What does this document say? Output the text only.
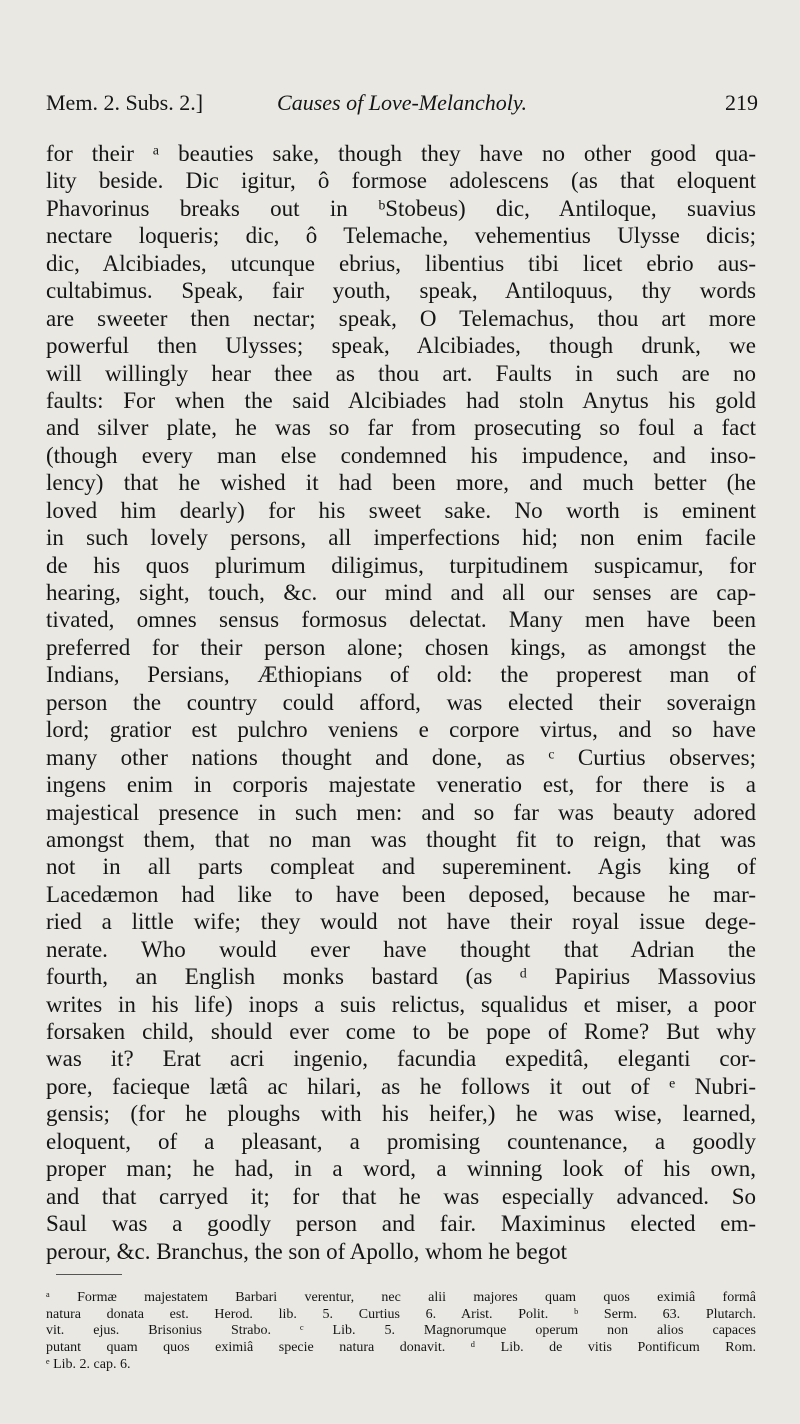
Mem. 2. Subs. 2.]	Causes of Love-Melancholy.	219
for their ᵃ beauties sake, though they have no other good qua-
lity beside. Dic igitur, ô formose adolescens (as that eloquent
Phavorinus breaks out in ᵇStobeus) dic, Antiloque, suavius
nectare loqueris; dic, ô Telemache, vehementius Ulysse dicis;
dic, Alcibiades, utcunque ebrius, libentius tibi licet ebrio aus-
cultabimus. Speak, fair youth, speak, Antiloquus, thy words
are sweeter then nectar; speak, O Telemachus, thou art more
powerful then Ulysses; speak, Alcibiades, though drunk, we
will willingly hear thee as thou art. Faults in such are no
faults: For when the said Alcibiades had stoln Anytus his gold
and silver plate, he was so far from prosecuting so foul a fact
(though every man else condemned his impudence, and inso-
lency) that he wished it had been more, and much better (he
loved him dearly) for his sweet sake. No worth is eminent
in such lovely persons, all imperfections hid; non enim facile
de his quos plurimum diligimus, turpitudinem suspicamur, for
hearing, sight, touch, &c. our mind and all our senses are cap-
tivated, omnes sensus formosus delectat. Many men have been
preferred for their person alone; chosen kings, as amongst the
Indians, Persians, Æthiopians of old: the properest man of
person the country could afford, was elected their soveraign
lord; gratior est pulchro veniens e corpore virtus, and so have
many other nations thought and done, as ᶜ Curtius observes;
ingens enim in corporis majestate veneratio est, for there is a
majestical presence in such men: and so far was beauty adored
amongst them, that no man was thought fit to reign, that was
not in all parts compleat and supereminent. Agis king of
Lacedæmon had like to have been deposed, because he mar-
ried a little wife; they would not have their royal issue dege-
nerate. Who would ever have thought that Adrian the
fourth, an English monks bastard (as ᵈ Papirius Massovius
writes in his life) inops a suis relictus, squalidus et miser, a poor
forsaken child, should ever come to be pope of Rome? But why
was it? Erat acri ingenio, facundia expeditâ, eleganti cor-
pore, facieque lætâ ac hilari, as he follows it out of ᵉ Nubri-
gensis; (for he ploughs with his heifer,) he was wise, learned,
eloquent, of a pleasant, a promising countenance, a goodly
proper man; he had, in a word, a winning look of his own,
and that carryed it; for that he was especially advanced. So
Saul was a goodly person and fair. Maximinus elected em-
perour, &c. Branchus, the son of Apollo, whom he begot
ᵃ Formæ majestatem Barbari verentur, nec alii majores quam quos eximiâ formâ
natura donata est. Herod. lib. 5. Curtius 6. Arist. Polit. ᵇ Serm. 63. Plutarch.
vit. ejus. Brisonius Strabo. ᶜ Lib. 5. Magnorumque operum non alios capaces
putant quam quos eximiâ specie natura donavit. ᵈ Lib. de vitis Pontificum Rom.
ᵉ Lib. 2. cap. 6.
